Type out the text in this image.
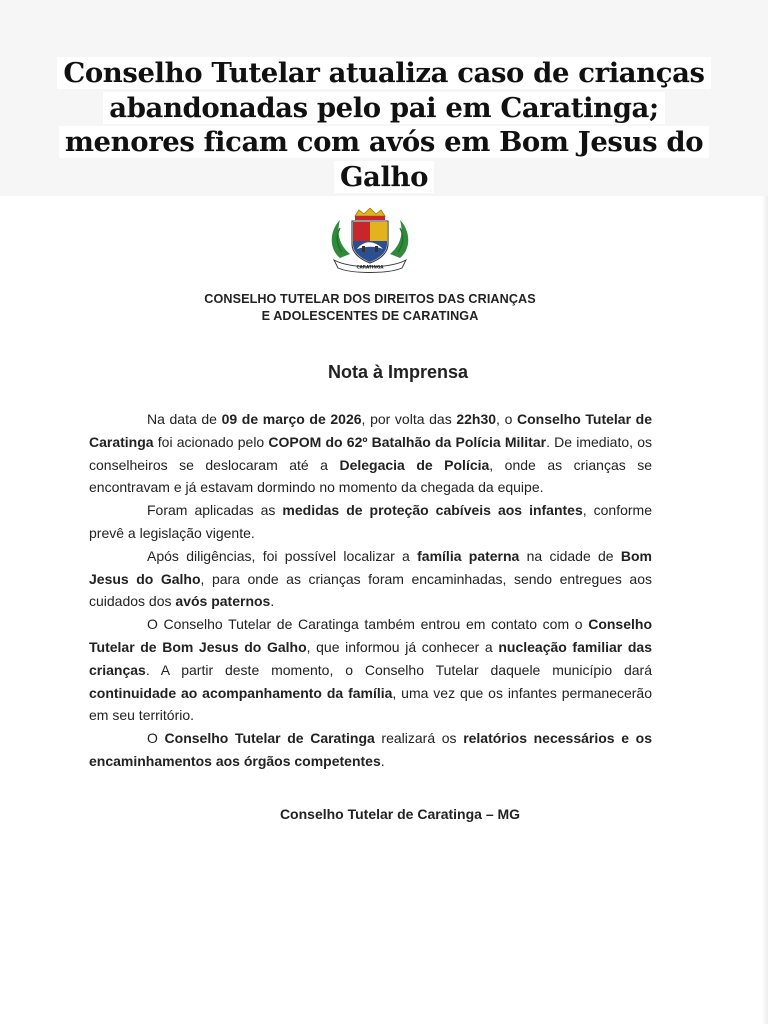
Conselho Tutelar atualiza caso de crianças
abandonadas pelo pai em Caratinga;
menores ficam com avós em Bom Jesus do
Galho
CARATINGA
CONSELHO TUTELAR DOS DIREITOS DAS CRIANÇAS
E ADOLESCENTES DE CARATINGA
Nota à Imprensa

Na data de 09 de março de 2026, por volta das 22h30, o Conselho Tutelar de Caratinga foi acionado pelo COPOM do 62º Batalhão da Polícia Militar. De imediato, os conselheiros se deslocaram até a Delegacia de Polícia, onde as crianças se encontravam e já estavam dormindo no momento da chegada da equipe.

Foram aplicadas as medidas de proteção cabíveis aos infantes, conforme prevê a legislação vigente.

Após diligências, foi possível localizar a família paterna na cidade de Bom Jesus do Galho, para onde as crianças foram encaminhadas, sendo entregues aos cuidados dos avós paternos.

O Conselho Tutelar de Caratinga também entrou em contato com o Conselho Tutelar de Bom Jesus do Galho, que informou já conhecer a nucleação familiar das crianças. A partir deste momento, o Conselho Tutelar daquele município dará continuidade ao acompanhamento da família, uma vez que os infantes permanecerão em seu território.

O Conselho Tutelar de Caratinga realizará os relatórios necessários e os encaminhamentos aos órgãos competentes.

Conselho Tutelar de Caratinga – MG
